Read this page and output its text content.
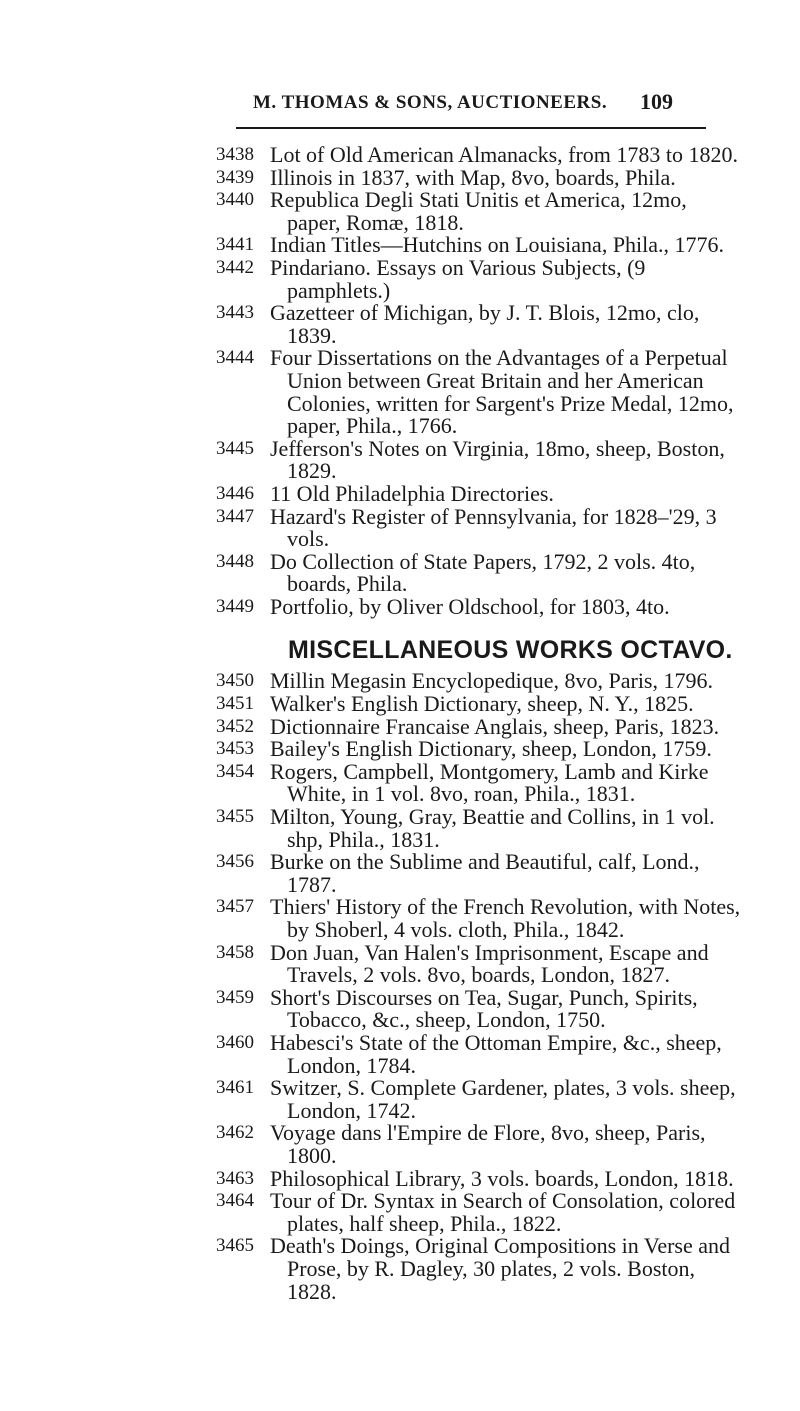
M. THOMAS & SONS, AUCTIONEERS. 109
3438 Lot of Old American Almanacks, from 1783 to 1820.
3439 Illinois in 1837, with Map, 8vo, boards, Phila.
3440 Republica Degli Stati Unitis et America, 12mo, paper, Romæ, 1818.
3441 Indian Titles—Hutchins on Louisiana, Phila., 1776.
3442 Pindariano. Essays on Various Subjects, (9 pamphlets.)
3443 Gazetteer of Michigan, by J. T. Blois, 12mo, clo, 1839.
3444 Four Dissertations on the Advantages of a Perpetual Union between Great Britain and her American Colonies, written for Sargent's Prize Medal, 12mo, paper, Phila., 1766.
3445 Jefferson's Notes on Virginia, 18mo, sheep, Boston, 1829.
3446 11 Old Philadelphia Directories.
3447 Hazard's Register of Pennsylvania, for 1828–'29, 3 vols.
3448 Do Collection of State Papers, 1792, 2 vols. 4to, boards, Phila.
3449 Portfolio, by Oliver Oldschool, for 1803, 4to.
MISCELLANEOUS WORKS OCTAVO.
3450 Millin Megasin Encyclopedique, 8vo, Paris, 1796.
3451 Walker's English Dictionary, sheep, N. Y., 1825.
3452 Dictionnaire Francaise Anglais, sheep, Paris, 1823.
3453 Bailey's English Dictionary, sheep, London, 1759.
3454 Rogers, Campbell, Montgomery, Lamb and Kirke White, in 1 vol. 8vo, roan, Phila., 1831.
3455 Milton, Young, Gray, Beattie and Collins, in 1 vol. shp, Phila., 1831.
3456 Burke on the Sublime and Beautiful, calf, Lond., 1787.
3457 Thiers' History of the French Revolution, with Notes, by Shoberl, 4 vols. cloth, Phila., 1842.
3458 Don Juan, Van Halen's Imprisonment, Escape and Travels, 2 vols. 8vo, boards, London, 1827.
3459 Short's Discourses on Tea, Sugar, Punch, Spirits, Tobacco, &c., sheep, London, 1750.
3460 Habesci's State of the Ottoman Empire, &c., sheep, London, 1784.
3461 Switzer, S. Complete Gardener, plates, 3 vols. sheep, London, 1742.
3462 Voyage dans l'Empire de Flore, 8vo, sheep, Paris, 1800.
3463 Philosophical Library, 3 vols. boards, London, 1818.
3464 Tour of Dr. Syntax in Search of Consolation, colored plates, half sheep, Phila., 1822.
3465 Death's Doings, Original Compositions in Verse and Prose, by R. Dagley, 30 plates, 2 vols. Boston, 1828.
